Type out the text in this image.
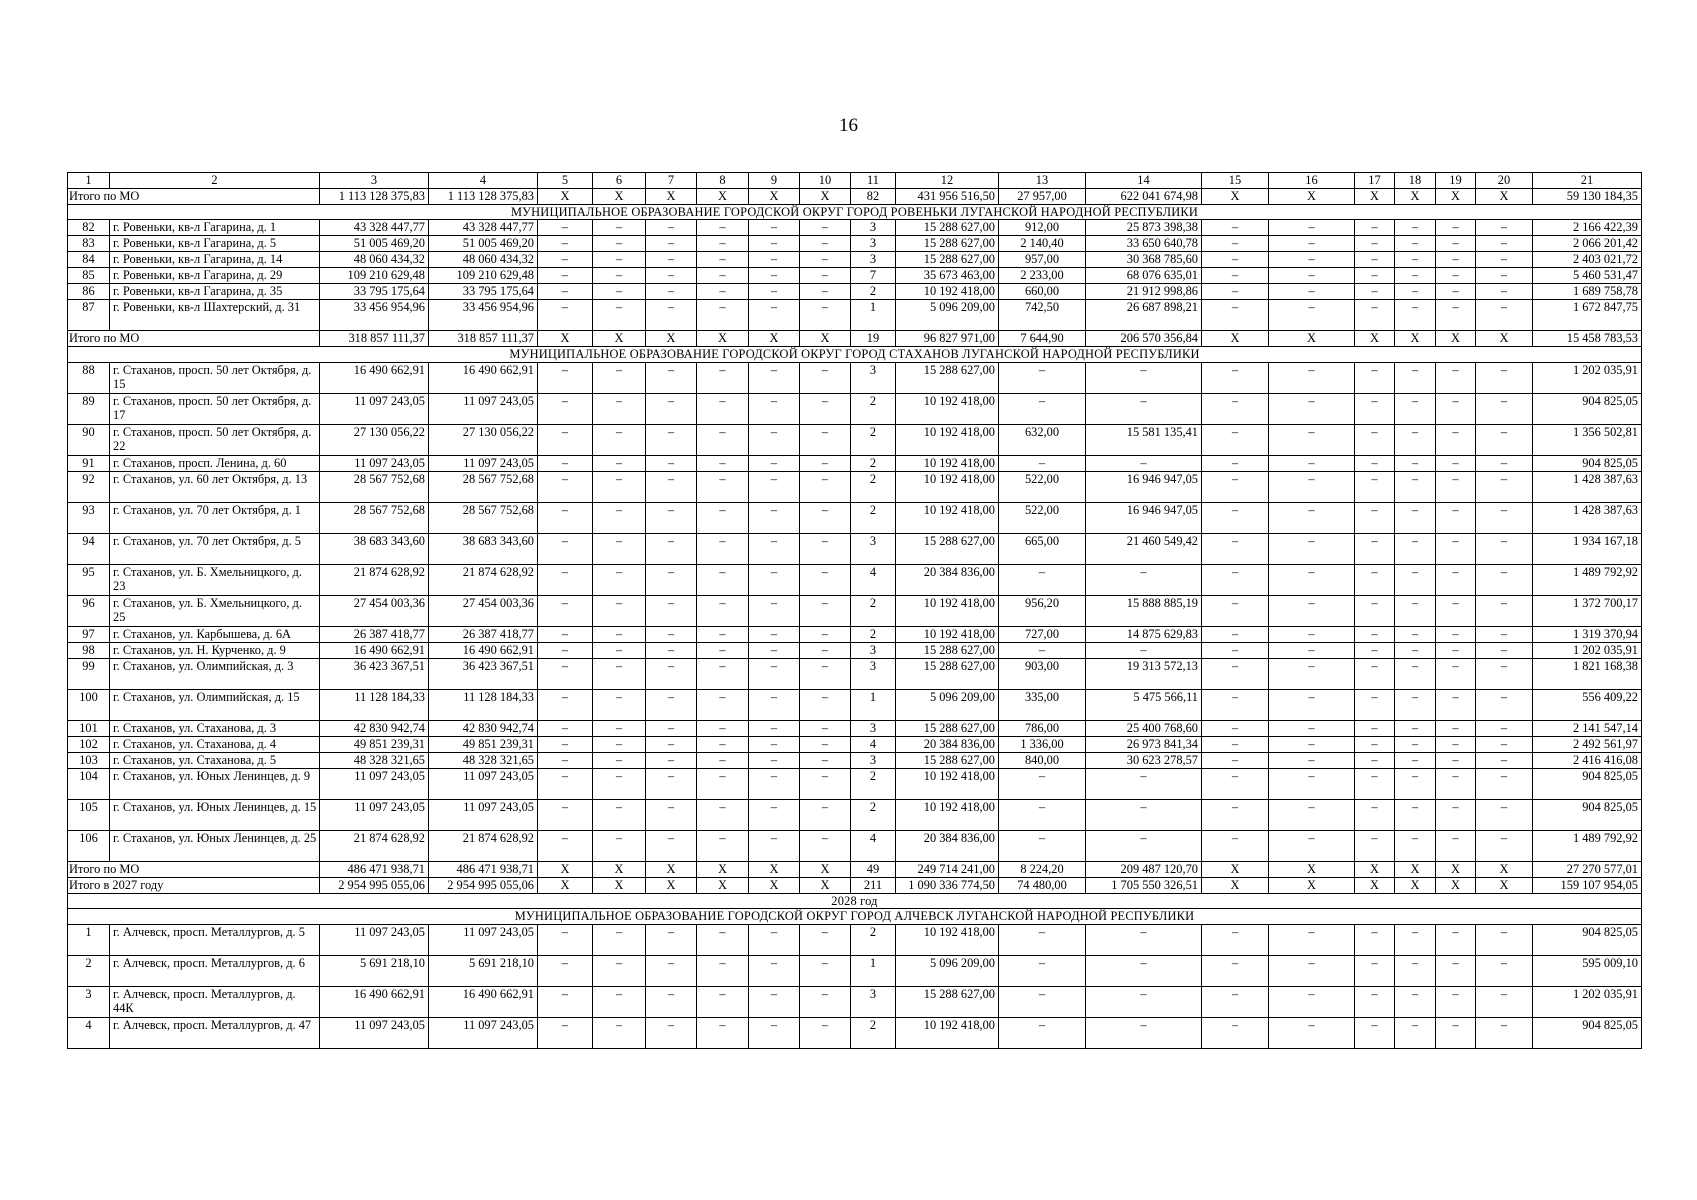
16
1	2	3	4	5	6	7	8	9	10	11	12	13	14	15	16	17	18	19	20	21
Итого по МО		1 113 128 375,83	1 113 128 375,83	X	X	X	X	X	X	82	431 956 516,50	27 957,00	622 041 674,98	X	X	X	X	X	X	59 130 184,35
МУНИЦИПАЛЬНОЕ ОБРАЗОВАНИЕ ГОРОДСКОЙ ОКРУГ ГОРОД РОВЕНЬКИ ЛУГАНСКОЙ НАРОДНОЙ РЕСПУБЛИКИ																				
82	г. Ровеньки, кв-л Гагарина, д. 1	43 328 447,77	43 328 447,77	–	–	–	–	–	–	3	15 288 627,00	912,00	25 873 398,38	–	–	–	–	–	–	2 166 422,39
83	г. Ровеньки, кв-л Гагарина, д. 5	51 005 469,20	51 005 469,20	–	–	–	–	–	–	3	15 288 627,00	2 140,40	33 650 640,78	–	–	–	–	–	–	2 066 201,42
84	г. Ровеньки, кв-л Гагарина, д. 14	48 060 434,32	48 060 434,32	–	–	–	–	–	–	3	15 288 627,00	957,00	30 368 785,60	–	–	–	–	–	–	2 403 021,72
85	г. Ровеньки, кв-л Гагарина, д. 29	109 210 629,48	109 210 629,48	–	–	–	–	–	–	7	35 673 463,00	2 233,00	68 076 635,01	–	–	–	–	–	–	5 460 531,47
86	г. Ровеньки, кв-л Гагарина, д. 35	33 795 175,64	33 795 175,64	–	–	–	–	–	–	2	10 192 418,00	660,00	21 912 998,86	–	–	–	–	–	–	1 689 758,78
87	г. Ровеньки, кв-л Шахтерский, д. 31	33 456 954,96	33 456 954,96	–	–	–	–	–	–	1	5 096 209,00	742,50	26 687 898,21	–	–	–	–	–	–	1 672 847,75
Итого по МО		318 857 111,37	318 857 111,37	X	X	X	X	X	X	19	96 827 971,00	7 644,90	206 570 356,84	X	X	X	X	X	X	15 458 783,53
МУНИЦИПАЛЬНОЕ ОБРАЗОВАНИЕ ГОРОДСКОЙ ОКРУГ ГОРОД СТАХАНОВ ЛУГАНСКОЙ НАРОДНОЙ РЕСПУБЛИКИ																				
88	г. Стаханов, просп. 50 лет Октября, д. 15	16 490 662,91	16 490 662,91	–	–	–	–	–	–	3	15 288 627,00	–	–	–	–	–	–	–	–	1 202 035,91
89	г. Стаханов, просп. 50 лет Октября, д. 17	11 097 243,05	11 097 243,05	–	–	–	–	–	–	2	10 192 418,00	–	–	–	–	–	–	–	–	904 825,05
90	г. Стаханов, просп. 50 лет Октября, д. 22	27 130 056,22	27 130 056,22	–	–	–	–	–	–	2	10 192 418,00	632,00	15 581 135,41	–	–	–	–	–	–	1 356 502,81
91	г. Стаханов, просп. Ленина, д. 60	11 097 243,05	11 097 243,05	–	–	–	–	–	–	2	10 192 418,00	–	–	–	–	–	–	–	–	904 825,05
92	г. Стаханов, ул. 60 лет Октября, д. 13	28 567 752,68	28 567 752,68	–	–	–	–	–	–	2	10 192 418,00	522,00	16 946 947,05	–	–	–	–	–	–	1 428 387,63
93	г. Стаханов, ул. 70 лет Октября, д. 1	28 567 752,68	28 567 752,68	–	–	–	–	–	–	2	10 192 418,00	522,00	16 946 947,05	–	–	–	–	–	–	1 428 387,63
94	г. Стаханов, ул. 70 лет Октября, д. 5	38 683 343,60	38 683 343,60	–	–	–	–	–	–	3	15 288 627,00	665,00	21 460 549,42	–	–	–	–	–	–	1 934 167,18
95	г. Стаханов, ул. Б. Хмельницкого, д. 23	21 874 628,92	21 874 628,92	–	–	–	–	–	–	4	20 384 836,00	–	–	–	–	–	–	–	–	1 489 792,92
96	г. Стаханов, ул. Б. Хмельницкого, д. 25	27 454 003,36	27 454 003,36	–	–	–	–	–	–	2	10 192 418,00	956,20	15 888 885,19	–	–	–	–	–	–	1 372 700,17
97	г. Стаханов, ул. Карбышева, д. 6А	26 387 418,77	26 387 418,77	–	–	–	–	–	–	2	10 192 418,00	727,00	14 875 629,83	–	–	–	–	–	–	1 319 370,94
98	г. Стаханов, ул. Н. Курченко, д. 9	16 490 662,91	16 490 662,91	–	–	–	–	–	–	3	15 288 627,00	–	–	–	–	–	–	–	–	1 202 035,91
99	г. Стаханов, ул. Олимпийская, д. 3	36 423 367,51	36 423 367,51	–	–	–	–	–	–	3	15 288 627,00	903,00	19 313 572,13	–	–	–	–	–	–	1 821 168,38
100	г. Стаханов, ул. Олимпийская, д. 15	11 128 184,33	11 128 184,33	–	–	–	–	–	–	1	5 096 209,00	335,00	5 475 566,11	–	–	–	–	–	–	556 409,22
101	г. Стаханов, ул. Стаханова, д. 3	42 830 942,74	42 830 942,74	–	–	–	–	–	–	3	15 288 627,00	786,00	25 400 768,60	–	–	–	–	–	–	2 141 547,14
102	г. Стаханов, ул. Стаханова, д. 4	49 851 239,31	49 851 239,31	–	–	–	–	–	–	4	20 384 836,00	1 336,00	26 973 841,34	–	–	–	–	–	–	2 492 561,97
103	г. Стаханов, ул. Стаханова, д. 5	48 328 321,65	48 328 321,65	–	–	–	–	–	–	3	15 288 627,00	840,00	30 623 278,57	–	–	–	–	–	–	2 416 416,08
104	г. Стаханов, ул. Юных Ленинцев, д. 9	11 097 243,05	11 097 243,05	–	–	–	–	–	–	2	10 192 418,00	–	–	–	–	–	–	–	–	904 825,05
105	г. Стаханов, ул. Юных Ленинцев, д. 15	11 097 243,05	11 097 243,05	–	–	–	–	–	–	2	10 192 418,00	–	–	–	–	–	–	–	–	904 825,05
106	г. Стаханов, ул. Юных Ленинцев, д. 25	21 874 628,92	21 874 628,92	–	–	–	–	–	–	4	20 384 836,00	–	–	–	–	–	–	–	–	1 489 792,92
Итого по МО		486 471 938,71	486 471 938,71	X	X	X	X	X	X	49	249 714 241,00	8 224,20	209 487 120,70	X	X	X	X	X	X	27 270 577,01
Итого в 2027 году		2 954 995 055,06	2 954 995 055,06	X	X	X	X	X	X	211	1 090 336 774,50	74 480,00	1 705 550 326,51	X	X	X	X	X	X	159 107 954,05
2028 год																				
МУНИЦИПАЛЬНОЕ ОБРАЗОВАНИЕ ГОРОДСКОЙ ОКРУГ ГОРОД АЛЧЕВСК ЛУГАНСКОЙ НАРОДНОЙ РЕСПУБЛИКИ																				
1	г. Алчевск, просп. Металлургов, д. 5	11 097 243,05	11 097 243,05	–	–	–	–	–	–	2	10 192 418,00	–	–	–	–	–	–	–	–	904 825,05
2	г. Алчевск, просп. Металлургов, д. 6	5 691 218,10	5 691 218,10	–	–	–	–	–	–	1	5 096 209,00	–	–	–	–	–	–	–	–	595 009,10
3	г. Алчевск, просп. Металлургов, д. 44К	16 490 662,91	16 490 662,91	–	–	–	–	–	–	3	15 288 627,00	–	–	–	–	–	–	–	–	1 202 035,91
4	г. Алчевск, просп. Металлургов, д. 47	11 097 243,05	11 097 243,05	–	–	–	–	–	–	2	10 192 418,00	–	–	–	–	–	–	–	–	904 825,05
